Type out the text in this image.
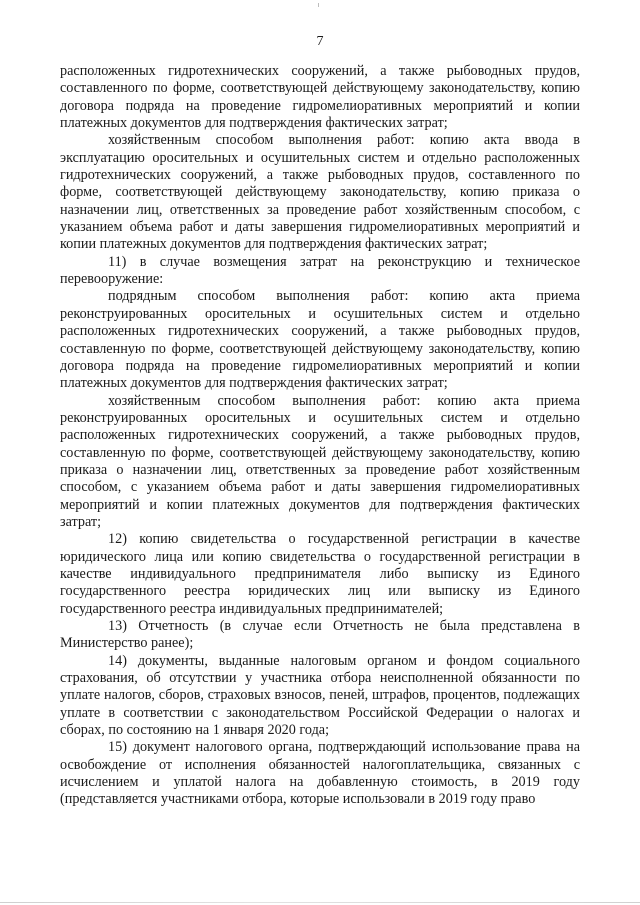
7

расположенных гидротехнических сооружений, а также рыбоводных прудов, составленного по форме, соответствующей действующему законодательству, копию договора подряда на проведение гидромелиоративных мероприятий и копии платежных документов для подтверждения фактических затрат;

хозяйственным способом выполнения работ: копию акта ввода в эксплуатацию оросительных и осушительных систем и отдельно расположенных гидротехнических сооружений, а также рыбоводных прудов, составленного по форме, соответствующей действующему законодательству, копию приказа о назначении лиц, ответственных за проведение работ хозяйственным способом, с указанием объема работ и даты завершения гидромелиоративных мероприятий и копии платежных документов для подтверждения фактических затрат;

11) в случае возмещения затрат на реконструкцию и техническое перевооружение:

подрядным способом выполнения работ: копию акта приема реконструированных оросительных и осушительных систем и отдельно расположенных гидротехнических сооружений, а также рыбоводных прудов, составленную по форме, соответствующей действующему законодательству, копию договора подряда на проведение гидромелиоративных мероприятий и копии платежных документов для подтверждения фактических затрат;

хозяйственным способом выполнения работ: копию акта приема реконструированных оросительных и осушительных систем и отдельно расположенных гидротехнических сооружений, а также рыбоводных прудов, составленную по форме, соответствующей действующему законодательству, копию приказа о назначении лиц, ответственных за проведение работ хозяйственным способом, с указанием объема работ и даты завершения гидромелиоративных мероприятий и копии платежных документов для подтверждения фактических затрат;

12) копию свидетельства о государственной регистрации в качестве юридического лица или копию свидетельства о государственной регистрации в качестве индивидуального предпринимателя либо выписку из Единого государственного реестра юридических лиц или выписку из Единого государственного реестра индивидуальных предпринимателей;

13) Отчетность (в случае если Отчетность не была представлена в Министерство ранее);

14) документы, выданные налоговым органом и фондом социального страхования, об отсутствии у участника отбора неисполненной обязанности по уплате налогов, сборов, страховых взносов, пеней, штрафов, процентов, подлежащих уплате в соответствии с законодательством Российской Федерации о налогах и сборах, по состоянию на 1 января 2020 года;

15) документ налогового органа, подтверждающий использование права на освобождение от исполнения обязанностей налогоплательщика, связанных с исчислением и уплатой налога на добавленную стоимость, в 2019 году (представляется участниками отбора, которые использовали в 2019 году право
